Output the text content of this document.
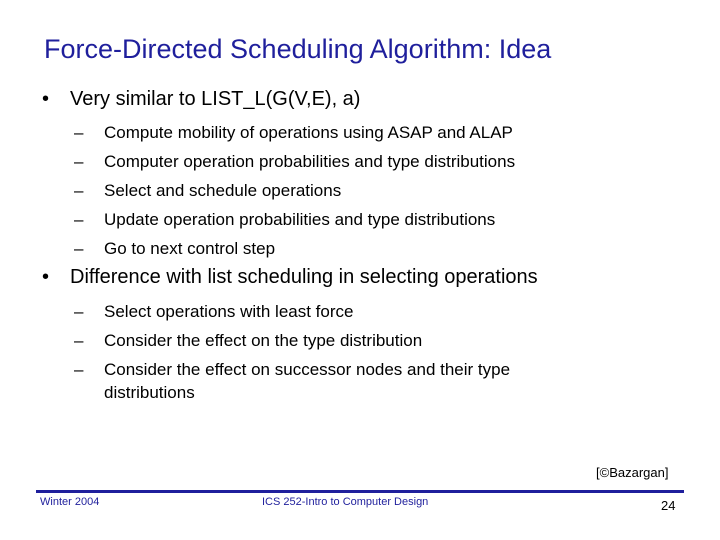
Force-Directed Scheduling Algorithm: Idea
• Very similar to LIST_L(G(V,E), a)
– Compute mobility of operations using ASAP and ALAP
– Computer operation probabilities and type distributions
– Select and schedule operations
– Update operation probabilities and type distributions
– Go to next control step
• Difference with list scheduling in selecting operations
– Select operations with least force
– Consider the effect on the type distribution
– Consider the effect on successor nodes and their type distributions
[©Bazargan]
Winter 2004	ICS 252-Intro to Computer Design	24
